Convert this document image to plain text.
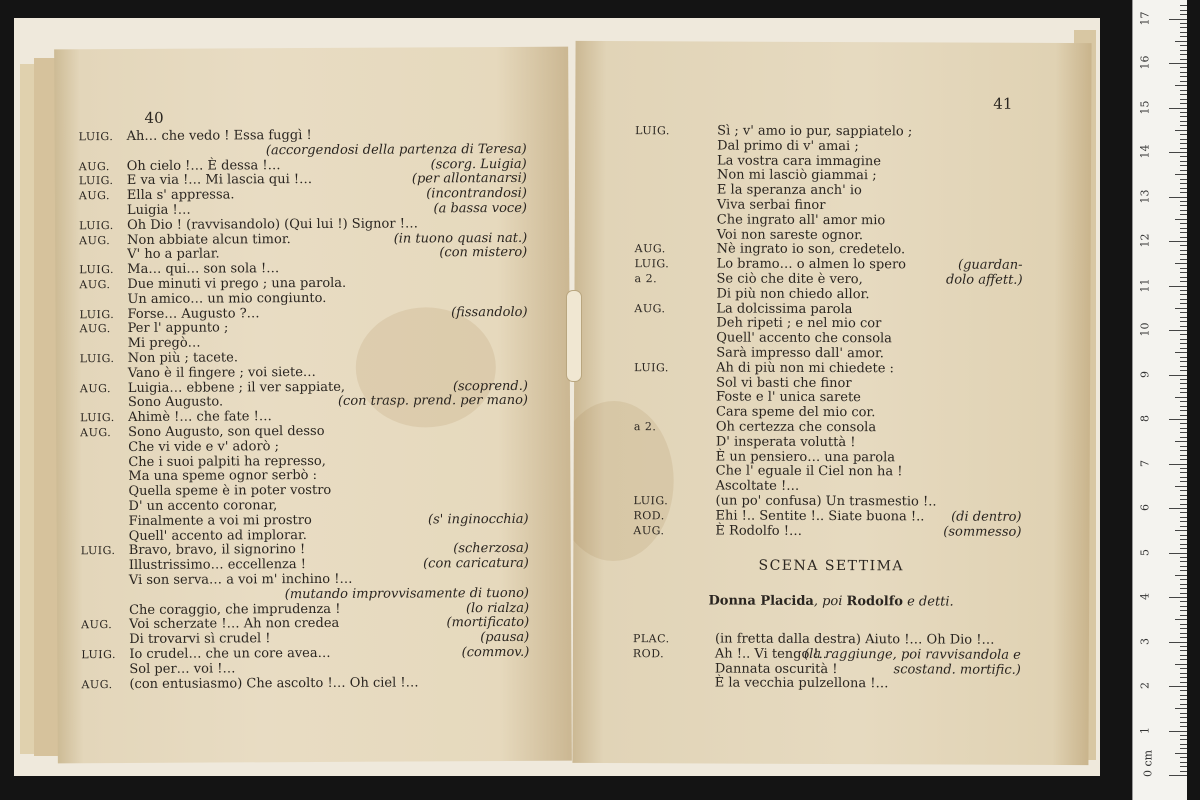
40
LUIG. Ah… che vedo ! Essa fuggì !
(accorgendosi della partenza di Teresa)
AUG. Oh cielo !… È dessa !…	(scorg. Luigia)
LUIG. E va via !… Mi lascia qui !…	(per allontanarsi)
AUG. Ella s' appressa.	(incontrandosi)
Luigia !…	(a bassa voce)
LUIG. Oh Dio ! (ravvisandolo) (Qui lui !) Signor !…
AUG. Non abbiate alcun timor.	(in tuono quasi nat.)
V' ho a parlar.	(con mistero)
LUIG. Ma… qui… son sola !…
AUG. Due minuti vi prego ; una parola.
Un amico… un mio congiunto.
LUIG. Forse… Augusto ?…	(fissandolo)
AUG. Per l' appunto ;
Mi pregò…
LUIG. Non più ; tacete.
Vano è il fingere ; voi siete…
AUG. Luigia… ebbene ; il ver sappiate,	(scoprend.)
Sono Augusto.	(con trasp. prend. per mano)
LUIG. Ahimè !… che fate !…
AUG. Sono Augusto, son quel desso
Che vi vide e v' adorò ;
Che i suoi palpiti ha represso,
Ma una speme ognor serbò :
Quella speme è in poter vostro
D' un accento coronar,
Finalmente a voi mi prostro	(s' inginocchia)
Quell' accento ad implorar.
LUIG. Bravo, bravo, il signorino !	(scherzosa)
Illustrissimo… eccellenza !	(con caricatura)
Vi son serva… a voi m' inchino !…
(mutando improvvisamente di tuono)
Che coraggio, che imprudenza !	(lo rialza)
AUG. Voi scherzate !… Ah non credea	(mortificato)
Di trovarvi sì crudel !	(pausa)
LUIG. Io crudel… che un core avea…	(commov.)
Sol per… voi !…
AUG. (con entusiasmo) Che ascolto !… Oh ciel !…
41
LUIG.	Sì ; v' amo io pur, sappiatelo ;
Dal primo di v' amai ;
La vostra cara immagine
Non mi lasciò giammai ;
E la speranza anch' io
Viva serbai finor
Che ingrato all' amor mio
Voi non sareste ognor.
AUG.	Nè ingrato io son, credetelo.
LUIG.	Lo bramo… o almen lo spero	(guardan-
a 2.	Se ciò che dite è vero,	dolo affett.)
Di più non chiedo allor.
AUG.	La dolcissima parola
Deh ripeti ; e nel mio cor
Quell' accento che consola
Sarà impresso dall' amor.
LUIG.	Ah di più non mi chiedete :
Sol vi basti che finor
Foste e l' unica sarete
Cara speme del mio cor.
a 2.	Oh certezza che consola
D' insperata voluttà !
È un pensiero… una parola
Che l' eguale il Ciel non ha !
Ascoltate !…
LUIG.	(un po' confusa) Un trasmestio !..
ROD.	Ehi !.. Sentite !.. Siate buona !.. (di dentro)
AUG.	È Rodolfo !…	(sommesso)
SCENA SETTIMA
Donna Placida, poi Rodolfo e detti.
PLAC.	(in fretta dalla destra) Aiuto !… Oh Dio !…
ROD.	Ah !.. Vi tengo !..
(la raggiunge, poi ravvisandola e
Dannata oscurità !	scostand. mortific.)
È la vecchia pulzellona !…
0 cm
1
2
3
4
5
6
7
8
9
10
11
12
13
14
15
16
17
